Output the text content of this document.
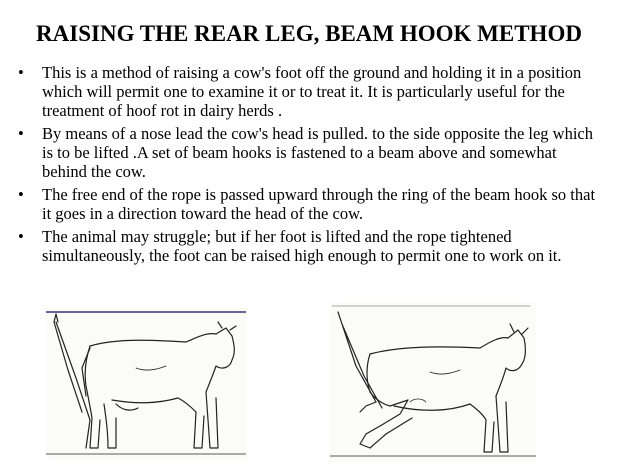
RAISING THE REAR LEG, BEAM HOOK METHOD
• This is a method of raising a cow's foot off the ground and holding it in a position which will permit one to examine it or to treat it. It is particularly useful for the treatment of hoof rot in dairy herds .
• By means of a nose lead the cow's head is pulled. to the side opposite the leg which is to be lifted .A set of beam hooks is fastened to a beam above and somewhat behind the cow.
• The free end of the rope is passed upward through the ring of the beam hook so that it goes in a direction toward the head of the cow.
• The animal may struggle; but if her foot is lifted and the rope tightened simultaneously, the foot can be raised high enough to permit one to work on it.
